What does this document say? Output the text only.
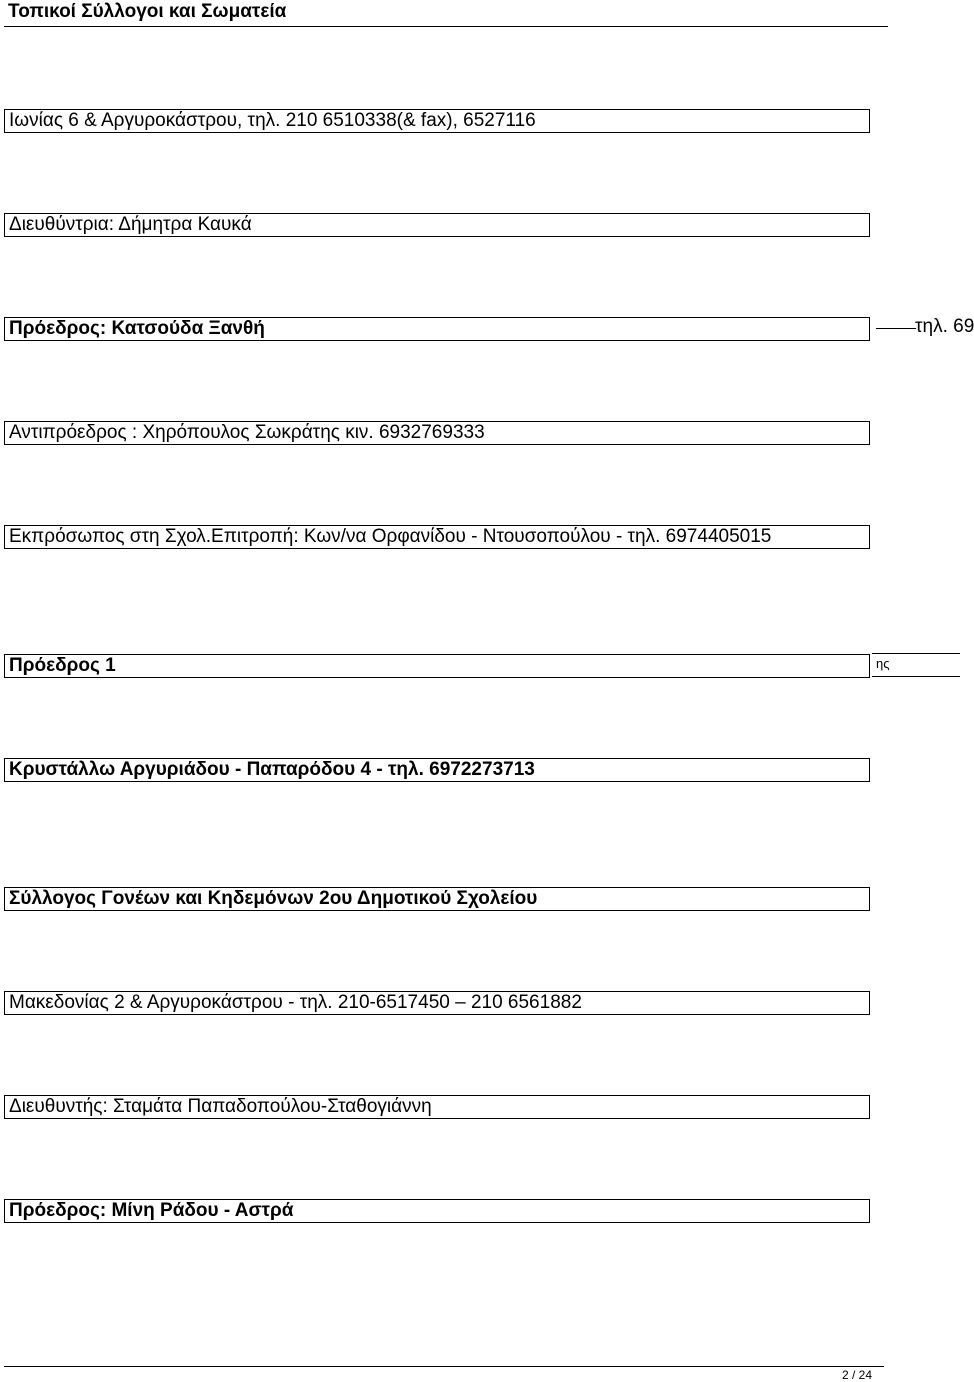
Τοπικοί Σύλλογοι και Σωματεία
Ιωνίας 6 & Αργυροκάστρου, τηλ. 210 6510338(& fax), 6527116
Διευθύντρια: Δήμητρα Καυκά
Πρόεδρος: Κατσούδα Ξανθή	τηλ. 69
Αντιπρόεδρος : Χηρόπουλος Σωκράτης κιν. 6932769333
Εκπρόσωπος στη Σχολ.Επιτροπή: Κων/να Ορφανίδου - Ντουσοπούλου - τηλ. 6974405015
Πρόεδρος 1	ης
Κρυστάλλω Αργυριάδου - Παπαρόδου 4 - τηλ. 6972273713
Σύλλογος Γονέων και Κηδεμόνων 2ου Δημοτικού Σχολείου
Μακεδονίας 2 & Αργυροκάστρου - τηλ. 210-6517450 – 210 6561882
Διευθυντής: Σταμάτα Παπαδοπούλου-Σταθογιάννη
Πρόεδρος: Μίνη Ράδου - Αστρά
2 / 24
